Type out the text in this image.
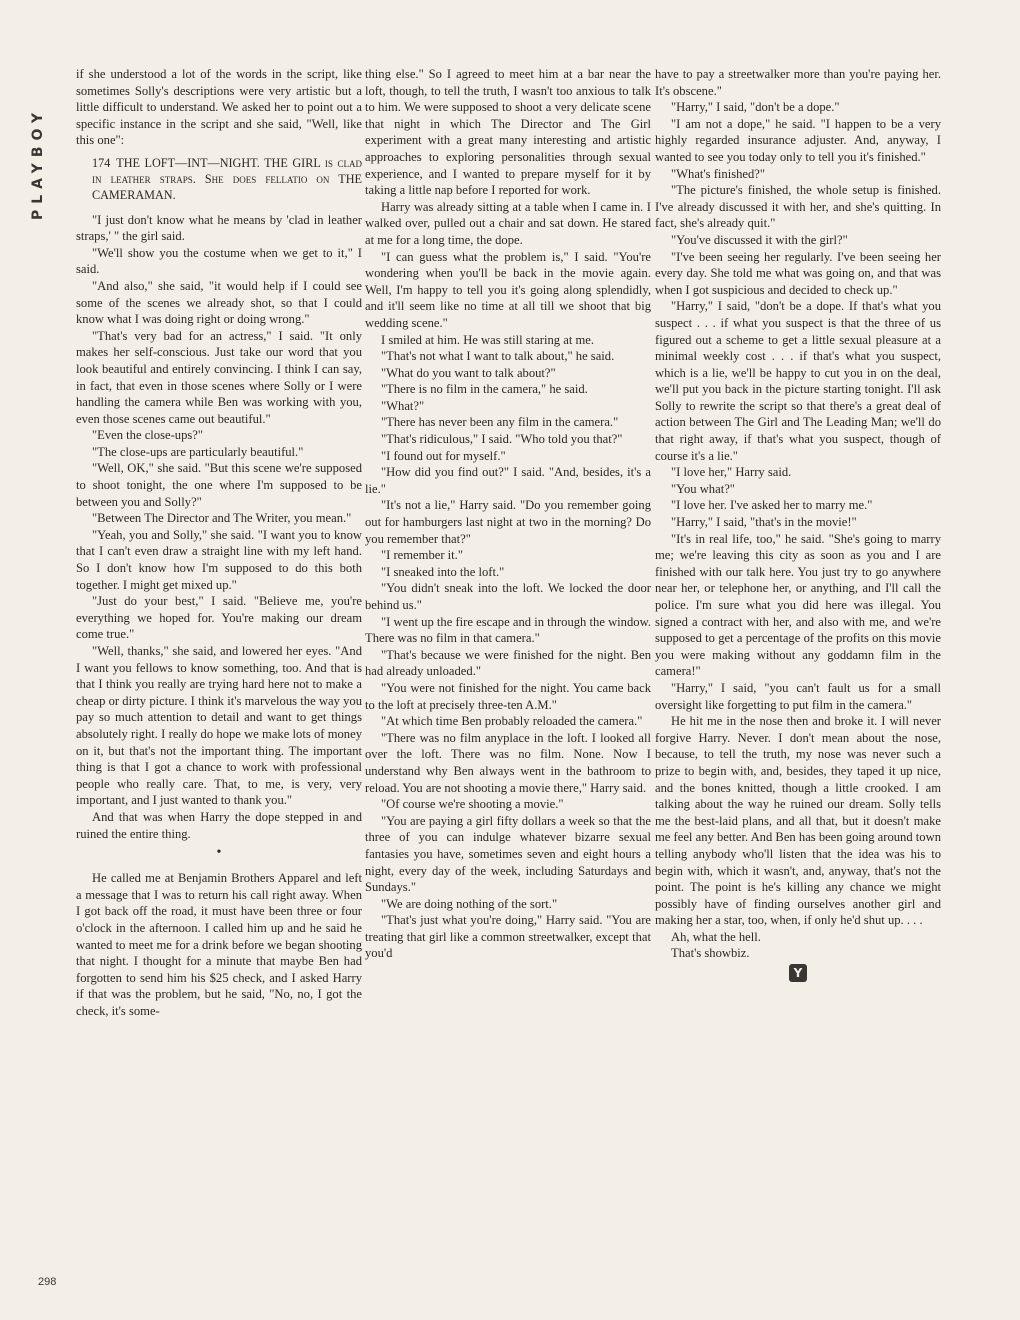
PLAYBOY
298

if she understood a lot of the words in the script, like sometimes Solly's descriptions were very artistic but a little difficult to understand. We asked her to point out a specific instance in the script and she said, "Well, like this one":

174 THE LOFT—INT—NIGHT. THE GIRL is clad in leather straps. She does fellatio on THE CAMERAMAN.

"I just don't know what he means by 'clad in leather straps,' " the girl said.

"We'll show you the costume when we get to it," I said.

"And also," she said, "it would help if I could see some of the scenes we already shot, so that I could know what I was doing right or doing wrong."

"That's very bad for an actress," I said. "It only makes her self-conscious. Just take our word that you look beautiful and entirely convincing. I think I can say, in fact, that even in those scenes where Solly or I were handling the camera while Ben was working with you, even those scenes came out beautiful."

"Even the close-ups?"

"The close-ups are particularly beautiful."

"Well, OK," she said. "But this scene we're supposed to shoot tonight, the one where I'm supposed to be between you and Solly?"

"Between The Director and The Writer, you mean."

"Yeah, you and Solly," she said. "I want you to know that I can't even draw a straight line with my left hand. So I don't know how I'm supposed to do this both together. I might get mixed up."

"Just do your best," I said. "Believe me, you're everything we hoped for. You're making our dream come true."

"Well, thanks," she said, and lowered her eyes. "And I want you fellows to know something, too. And that is that I think you really are trying hard here not to make a cheap or dirty picture. I think it's marvelous the way you pay so much attention to detail and want to get things absolutely right. I really do hope we make lots of money on it, but that's not the important thing. The important thing is that I got a chance to work with professional people who really care. That, to me, is very, very important, and I just wanted to thank you."

And that was when Harry the dope stepped in and ruined the entire thing.

•

He called me at Benjamin Brothers Apparel and left a message that I was to return his call right away. When I got back off the road, it must have been three or four o'clock in the afternoon. I called him up and he said he wanted to meet me for a drink before we began shooting that night. I thought for a minute that maybe Ben had forgotten to send him his $25 check, and I asked Harry if that was the problem, but he said, "No, no, I got the check, it's some-

thing else." So I agreed to meet him at a bar near the loft, though, to tell the truth, I wasn't too anxious to talk to him. We were supposed to shoot a very delicate scene that night in which The Director and The Girl experiment with a great many interesting and artistic approaches to exploring personalities through sexual experience, and I wanted to prepare myself for it by taking a little nap before I reported for work.

Harry was already sitting at a table when I came in. I walked over, pulled out a chair and sat down. He stared at me for a long time, the dope.

"I can guess what the problem is," I said. "You're wondering when you'll be back in the movie again. Well, I'm happy to tell you it's going along splendidly, and it'll seem like no time at all till we shoot that big wedding scene."

I smiled at him. He was still staring at me.

"That's not what I want to talk about," he said.

"What do you want to talk about?"

"There is no film in the camera," he said.

"What?"

"There has never been any film in the camera."

"That's ridiculous," I said. "Who told you that?"

"I found out for myself."

"How did you find out?" I said. "And, besides, it's a lie."

"It's not a lie," Harry said. "Do you remember going out for hamburgers last night at two in the morning? Do you remember that?"

"I remember it."

"I sneaked into the loft."

"You didn't sneak into the loft. We locked the door behind us."

"I went up the fire escape and in through the window. There was no film in that camera."

"That's because we were finished for the night. Ben had already unloaded."

"You were not finished for the night. You came back to the loft at precisely three-ten A.M."

"At which time Ben probably reloaded the camera."

"There was no film anyplace in the loft. I looked all over the loft. There was no film. None. Now I understand why Ben always went in the bathroom to reload. You are not shooting a movie there," Harry said.

"Of course we're shooting a movie."

"You are paying a girl fifty dollars a week so that the three of you can indulge whatever bizarre sexual fantasies you have, sometimes seven and eight hours a night, every day of the week, including Saturdays and Sundays."

"We are doing nothing of the sort."

"That's just what you're doing," Harry said. "You are treating that girl like a common streetwalker, except that you'd

have to pay a streetwalker more than you're paying her. It's obscene."

"Harry," I said, "don't be a dope."

"I am not a dope," he said. "I happen to be a very highly regarded insurance adjuster. And, anyway, I wanted to see you today only to tell you it's finished."

"What's finished?"

"The picture's finished, the whole setup is finished. I've already discussed it with her, and she's quitting. In fact, she's already quit."

"You've discussed it with the girl?"

"I've been seeing her regularly. I've been seeing her every day. She told me what was going on, and that was when I got suspicious and decided to check up."

"Harry," I said, "don't be a dope. If that's what you suspect . . . if what you suspect is that the three of us figured out a scheme to get a little sexual pleasure at a minimal weekly cost . . . if that's what you suspect, which is a lie, we'll be happy to cut you in on the deal, we'll put you back in the picture starting tonight. I'll ask Solly to rewrite the script so that there's a great deal of action between The Girl and The Leading Man; we'll do that right away, if that's what you suspect, though of course it's a lie."

"I love her," Harry said.

"You what?"

"I love her. I've asked her to marry me."

"Harry," I said, "that's in the movie!"

"It's in real life, too," he said. "She's going to marry me; we're leaving this city as soon as you and I are finished with our talk here. You just try to go anywhere near her, or telephone her, or anything, and I'll call the police. I'm sure what you did here was illegal. You signed a contract with her, and also with me, and we're supposed to get a percentage of the profits on this movie you were making without any goddamn film in the camera!"

"Harry," I said, "you can't fault us for a small oversight like forgetting to put film in the camera."

He hit me in the nose then and broke it. I will never forgive Harry. Never. I don't mean about the nose, because, to tell the truth, my nose was never such a prize to begin with, and, besides, they taped it up nice, and the bones knitted, though a little crooked. I am talking about the way he ruined our dream. Solly tells me the best-laid plans, and all that, but it doesn't make me feel any better. And Ben has been going around town telling anybody who'll listen that the idea was his to begin with, which it wasn't, and, anyway, that's not the point. The point is he's killing any chance we might possibly have of finding ourselves another girl and making her a star, too, when, if only he'd shut up. . . .

Ah, what the hell.

That's showbiz.

Y
